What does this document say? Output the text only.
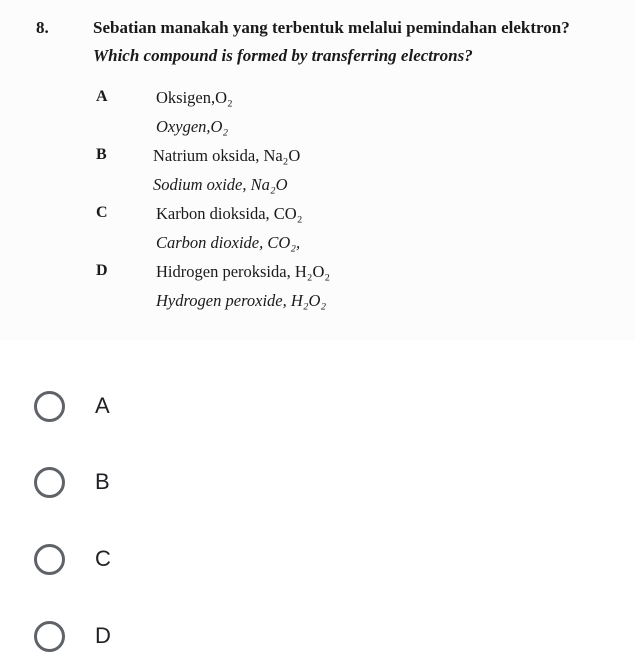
8.	Sebatian manakah yang terbentuk melalui pemindahan elektron?
Which compound is formed by transferring electrons?
A	Oksigen,O₂
Oxygen,O₂
B	Natrium oksida, Na₂O
Sodium oxide, Na₂O
C	Karbon dioksida, CO₂
Carbon dioxide, CO₂,
D	Hidrogen peroksida, H₂O₂
Hydrogen peroxide, H₂O₂
A
B
C
D
